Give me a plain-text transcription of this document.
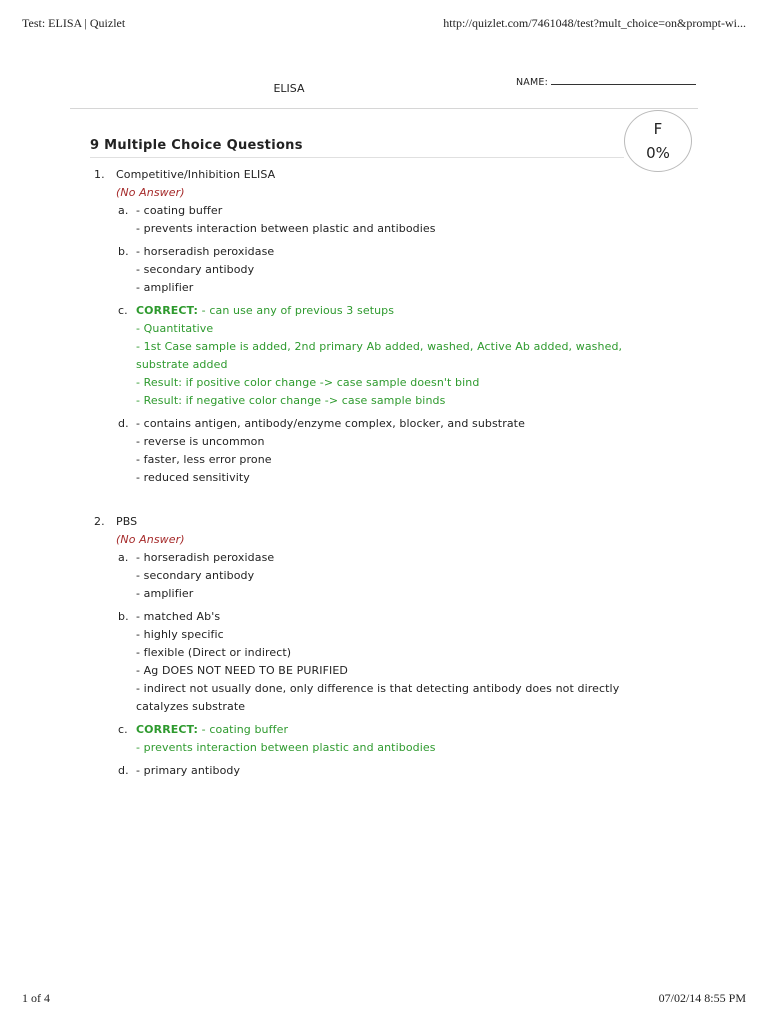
Test: ELISA | Quizlet	http://quizlet.com/7461048/test?mult_choice=on&prompt-wi...
ELISA	NAME:
F
0%
9 Multiple Choice Questions
1.	Competitive/Inhibition ELISA
(No Answer)
a. - coating buffer
- prevents interaction between plastic and antibodies
b. - horseradish peroxidase
- secondary antibody
- amplifier
c. CORRECT: - can use any of previous 3 setups
- Quantitative
- 1st Case sample is added, 2nd primary Ab added, washed, Active Ab added, washed, substrate added
- Result: if positive color change -> case sample doesn't bind
- Result: if negative color change -> case sample binds
d. - contains antigen, antibody/enzyme complex, blocker, and substrate
- reverse is uncommon
- faster, less error prone
- reduced sensitivity
2.	PBS
(No Answer)
a. - horseradish peroxidase
- secondary antibody
- amplifier
b. - matched Ab's
- highly specific
- flexible (Direct or indirect)
- Ag DOES NOT NEED TO BE PURIFIED
- indirect not usually done, only difference is that detecting antibody does not directly catalyzes substrate
c. CORRECT: - coating buffer
- prevents interaction between plastic and antibodies
d. - primary antibody
1 of 4	07/02/14 8:55 PM
